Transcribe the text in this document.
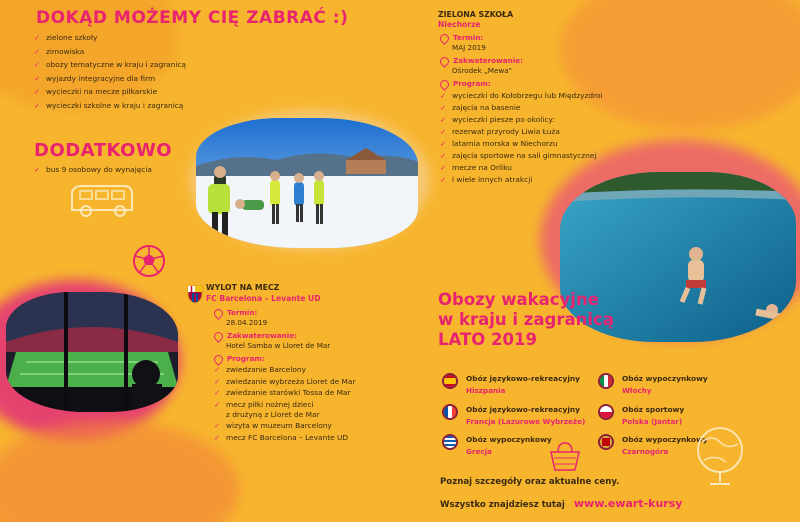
DOKĄD MOŻEMY CIĘ ZABRAĆ :)
✓ zielone szkoły
✓ zimowiska
✓ obozy tematyczne w kraju i zagranicą
✓ wyjazdy integracyjne dla firm
✓ wycieczki na mecze piłkarskie
✓ wycieczki szkolne w kraju i zagranicą
DODATKOWO
✓ bus 9 osobowy do wynajęcia
WYLOT NA MECZ
FC Barcelona – Levante UD
Termin:
28.04.2019
Zakwaterowanie:
Hotel Samba w Lloret de Mar
Program:
✓ zwiedzanie Barcelony
✓ zwiedzanie wybrzeża Lloret de Mar
✓ zwiedzanie starówki Tossa de Mar
✓ mecz piłki nożnej dzieci
z drużyną z Lloret de Mar
✓ wizyta w muzeum Barcelony
✓ mecz FC Barcelona – Levante UD
ZIELONA SZKOŁA
Niechorze
Termin:
MAJ 2019
Zakwaterowanie:
Ośrodek „Mewa"
Program:
✓ wycieczki do Kołobrzegu lub Międzyzdroi
✓ zajęcia na basenie
✓ wycieczki piesze po okolicy:
✓ rezerwat przyrody Liwia Łuża
✓ latarnia morska w Niechorzu
✓ zajęcia sportowe na sali gimnastycznej
✓ mecze na Orliku
✓ i wiele innych atrakcji
Obozy wakacyjne
w kraju i zagranicą
LATO 2019
Obóz językowo-rekreacyjny
Hiszpania
Obóz wypoczynkowy
Włochy
Obóz językowo-rekreacyjny
Francja (Lazurowe Wybrzeże)
Obóz sportowy
Polska (Jantar)
Obóz wypoczynkowy
Grecja
Obóz wypoczynkowy
Czarnogóra
Poznaj szczegóły oraz aktualne ceny.
Wszystko znajdziesz tutaj www.ewart-kursy
